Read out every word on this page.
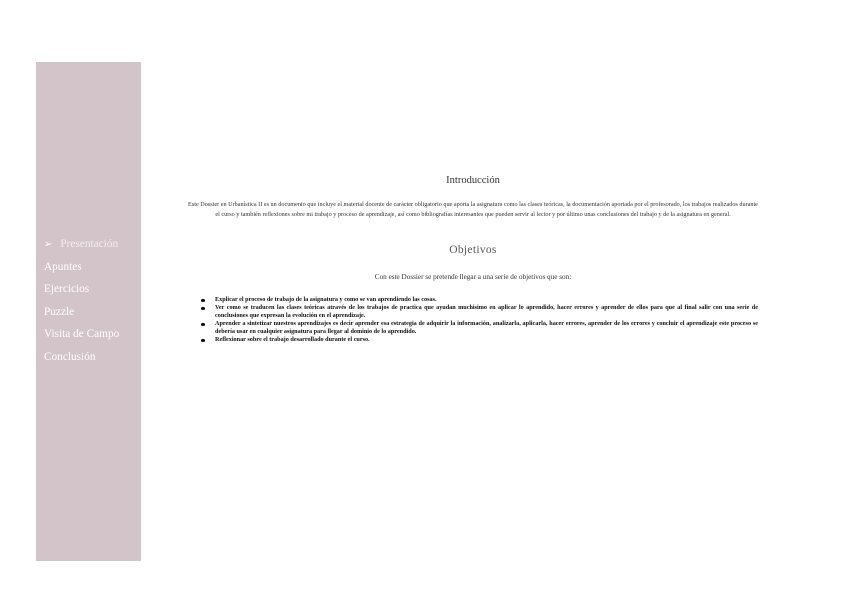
➢ Presentación
Apuntes
Ejercicios
Puzzle
Visita de Campo
Conclusión
Introducción
Este Dossier en Urbanística II es un documento que incluye el material docente de carácter obligatorio que aporta la asignatura como las clases teóricas, la documentación aportada por el profesorado, los trabajos realizados durante el curso y también reflexiones sobre mi trabajo y proceso de aprendizaje, así como bibliografías interesantes que pueden servir al lector y por último unas conclusiones del trabajo y de la asignatura en general.
Objetivos
Con este Dossier se pretende llegar a una serie de objetivos que son:
Explicar el proceso de trabajo de la asignatura y como se van aprendiendo las cosas.
Ver como se traducen las clases teóricas através de los trabajos de practica que ayudan muchisimo en aplicar lo aprendido, hacer errores y aprender de ellos para que al final salir con una serie de conclusiones que expresan la evolución en el aprendizaje.
Aprender a sintetizar nuestros aprendizajes es decir aprender esa estrategia de adquirir la información, analizarla, aplicarla, hacer errores, aprender de los errores y concluir el aprendizaje este proceso se debería usar en cualquier asignatura para llegar al dominio de lo aprendido.
Reflexionar sobre el trabajo desarrollado durante el curso.
